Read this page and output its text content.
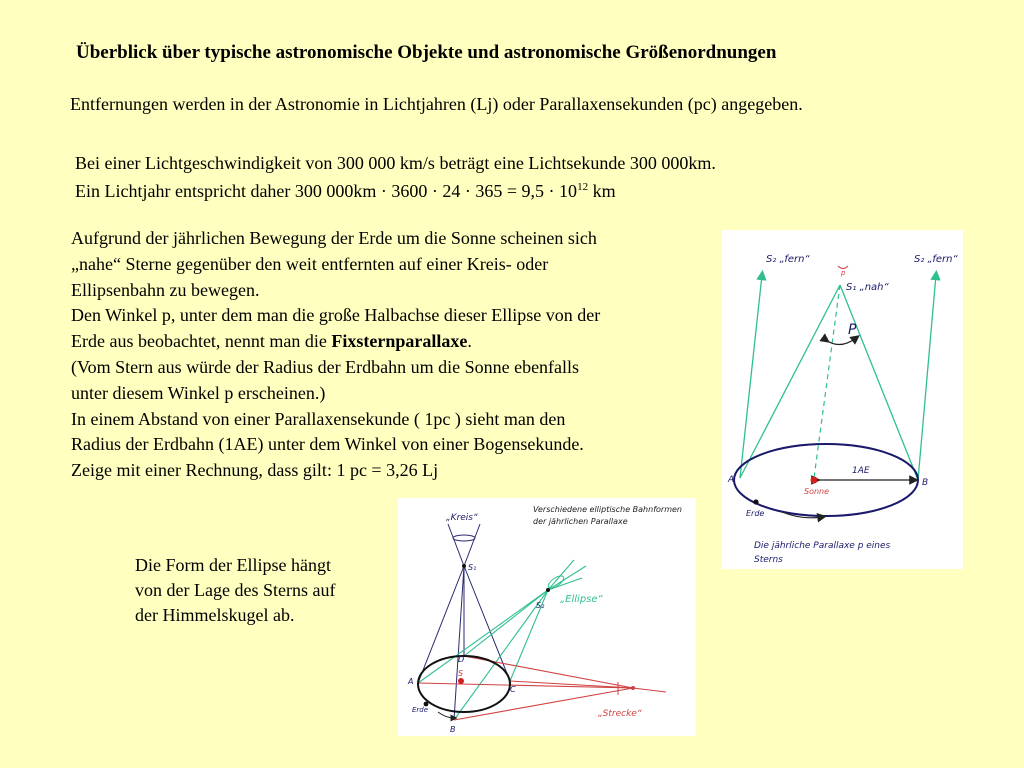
Überblick über typische astronomische Objekte und astronomische Größenordnungen
Entfernungen werden in der Astronomie in Lichtjahren (Lj) oder Parallaxensekunden (pc) angegeben.
Bei einer Lichtgeschwindigkeit von 300 000 km/s beträgt eine Lichtsekunde 300 000km.
Ein Lichtjahr entspricht daher 300 $000km \cdot 3600 \cdot 24 \cdot 365 = 9,5 \cdot 10^{12}$ km
Aufgrund der jährlichen Bewegung der Erde um die Sonne scheinen sich
„nahe“ Sterne gegenüber den weit entfernten auf einer Kreis- oder
Ellipsenbahn zu bewegen.
Den Winkel p, unter dem man die große Halbachse dieser Ellipse von der
Erde aus beobachtet, nennt man die Fixsternparallaxe.
(Vom Stern aus würde der Radius der Erdbahn um die Sonne ebenfalls
unter diesem Winkel p erscheinen.)
In einem Abstand von einer Parallaxensekunde ( 1pc ) sieht man den
Radius der Erdbahn (1AE) unter dem Winkel von einer Bogensekunde.
Zeige mit einer Rechnung, dass gilt: 1 pc = 3,26 Lj
Die Form der Ellipse hängt
von der Lage des Sterns auf
der Himmelskugel ab.
S₂ „fern“	S₂ „fern“
S₁ „nah“
p
P
1AE
A	B
Sonne
Erde
Die jährliche Parallaxe p eines
Sterns
Verschiedene elliptische Bahnformen
der jährlichen Parallaxe
„Kreis“
„Ellipse“
„Strecke“
S₁
S₂
S
A
B
C
D
Erde
